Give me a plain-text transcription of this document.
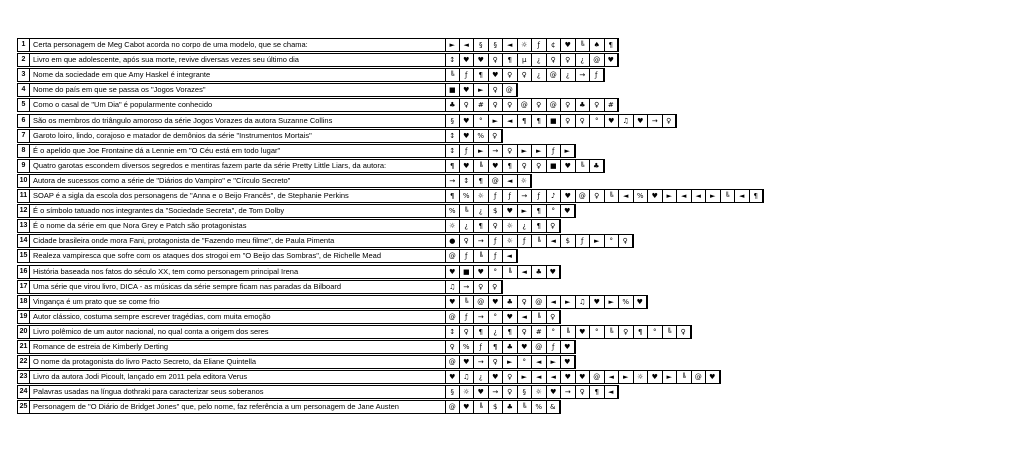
1	Certa personagem de Meg Cabot acorda no corpo de uma modelo, que se chama:	►	◄	§	§	◄	☼	ƒ	¢	♥	╚	♠	¶
2	Livro em que adolescente, após sua morte, revive diversas vezes seu último dia	↕	♥	♥	♀	¶	µ	¿	♀	♀	¿	@	♥
3	Nome da sociedade em que Amy Haskel é integrante	╚	ƒ	¶	♥	♀	♀	¿	@	¿	→	ƒ
4	Nome do país em que se passa os "Jogos Vorazes"	■	♥	►	♀	@
5	Como o casal de "Um Dia" é popularmente conhecido	♣	♀	#	♀	♀	@	♀	@	♀	♣	♀	#
6	São os membros do triângulo amoroso da série Jogos Vorazes da autora Suzanne Collins	§	♥	°	►	◄	¶	¶	■	♀	♀	°	♥	♫	♥	→	♀
7	Garoto loiro, lindo, corajoso e matador de demônios da série "Instrumentos Mortais"	↕	♥	%	♀
8	É o apelido que Joe Frontaine dá a Lennie em "O Céu está em todo lugar"	↕	ƒ	►	→	♀	►	►	ƒ	►
9	Quatro garotas escondem diversos segredos e mentiras fazem parte da série Pretty Little Liars, da autora:	¶	♥	╚	♥	¶	♀	♀	■	♥	╚	♣
10 Autora de sucessos como a série de "Diários do Vampiro" e "Círculo Secreto"	→	↕	¶	@	◄	☼
11 SOAP é a sigla da escola dos personagens de "Anna e o Beijo Francês", de Stephanie Perkins	¶	%	☼	ƒ	ƒ	→	ƒ	♪	♥	@	♀	╚	◄	%	♥	►	◄	◄	►	╚	◄	¶
12 É o símbolo tatuado nos integrantes da "Sociedade Secreta", de Tom Dolby	%	╚	¿	$	♥	►	¶	°	♥
13 É o nome da série em que Nora Grey e Patch são protagonistas	☼	¿	¶	♀	☼	¿	¶	♀
14 Cidade brasileira onde mora Fani, protagonista de "Fazendo meu filme", de Paula Pimenta	●	♀	→	ƒ	☼	ƒ	╚	◄	$	ƒ	►	°	♀
15 Realeza vampiresca que sofre com os ataques dos strogoi em "O Beijo das Sombras", de Richelle Mead	@	ƒ	╚	ƒ	◄
16 História baseada nos fatos do século XX, tem como personagem principal Irena	♥	■	♥	°	╚	◄	♣	♥
17 Uma série que virou livro, DICA - as músicas da série sempre ficam nas paradas da Bilboard	♫	→	♀	♀
18 Vingança é um prato que se come frio	♥	╚	@	♥	♣	♀	@	◄	►	♫	♥	►	%	♥
19 Autor clássico, costuma sempre escrever tragédias, com muita emoção	@	ƒ	→	°	♥	◄	╚	♀
20 Livro polêmico de um autor nacional, no qual conta a origem dos seres	↕	♀	¶	¿	¶	♀	#	°	╚	♥	°	╚	♀	¶	°	╚	♀
21 Romance de estreia de Kimberly Derting	♀	%	ƒ	¶	♣	♥	@	ƒ	♥
22 O nome da protagonista do livro Pacto Secreto, da Eliane Quintella	@	♥	→	♀	►	°	◄	►	♥
23 Livro da autora Jodi Picoult, lançado em 2011 pela editora Verus	♥	♫	¿	♥	♀	►	◄	◄	♥	♥	@	◄	►	☼	♥	►	╚	@	♥
24 Palavras usadas na língua dothraki para caracterizar seus soberanos	§	☼	♥	→	♀	§	☼	♥	→	♀	¶	◄
25 Personagem de "O Diário de Bridget Jones" que, pelo nome, faz referência a um personagem de Jane Austen	@	♥	╚	$	♣	╚	%	&
